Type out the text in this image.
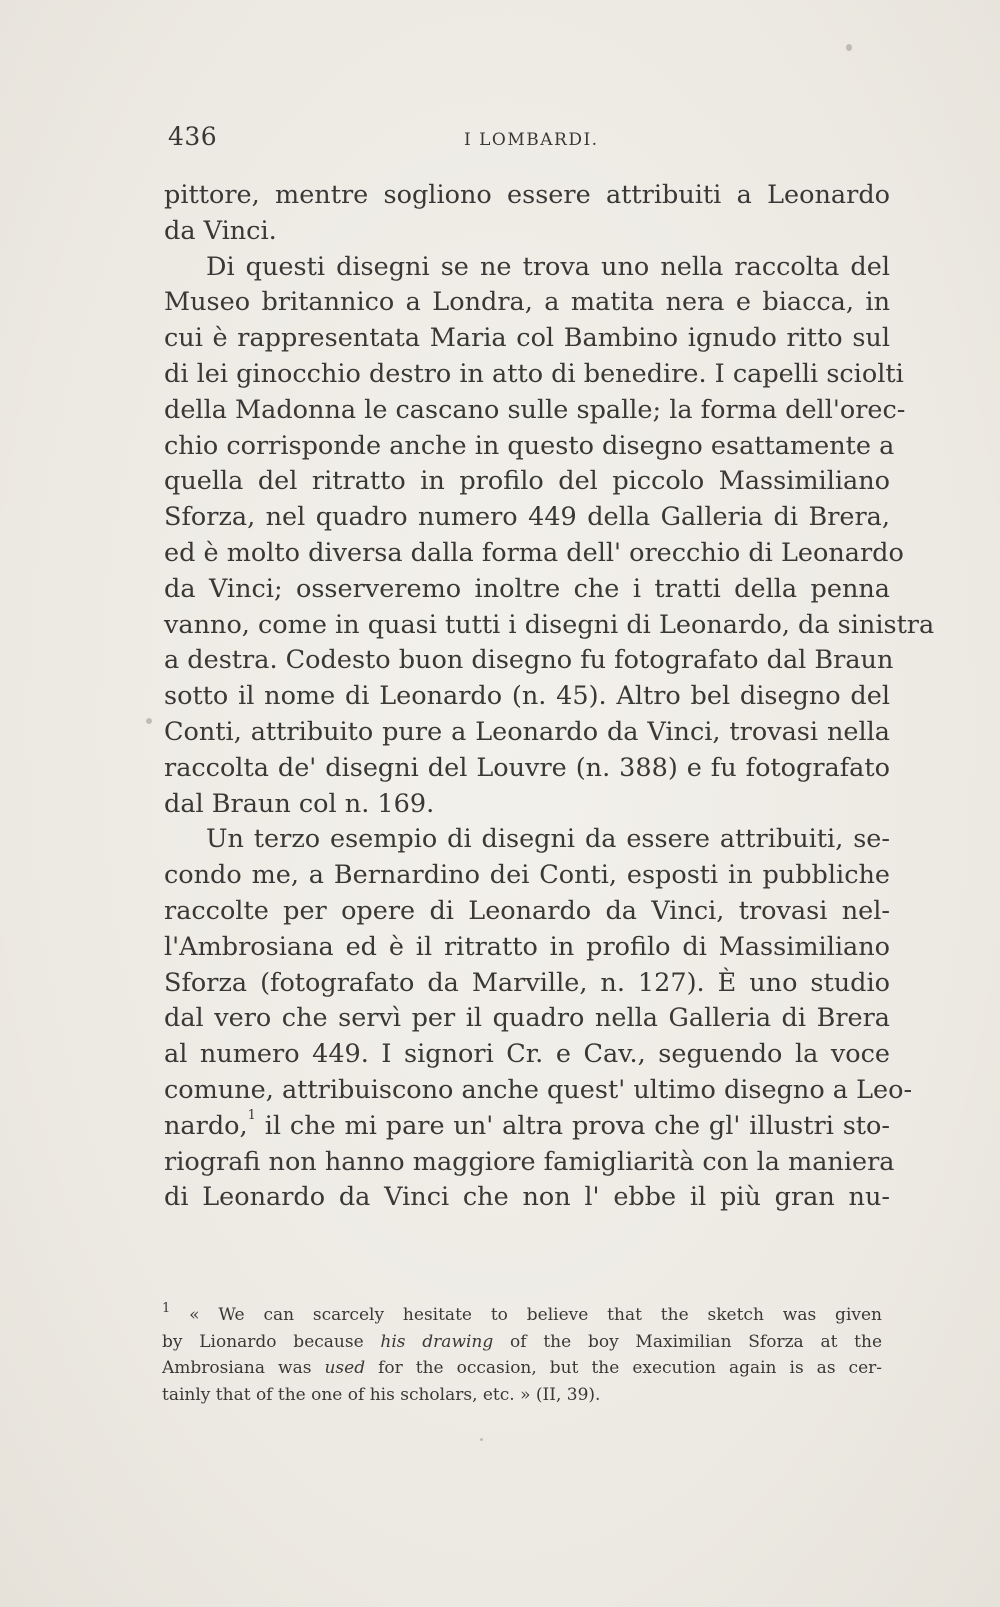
436	I LOMBARDI.
pittore, mentre sogliono essere attribuiti a Leonardo
da Vinci.
Di questi disegni se ne trova uno nella raccolta del
Museo britannico a Londra, a matita nera e biacca, in
cui è rappresentata Maria col Bambino ignudo ritto sul
di lei ginocchio destro in atto di benedire. I capelli sciolti
della Madonna le cascano sulle spalle; la forma dell'orec-
chio corrisponde anche in questo disegno esattamente a
quella del ritratto in profilo del piccolo Massimiliano
Sforza, nel quadro numero 449 della Galleria di Brera,
ed è molto diversa dalla forma dell' orecchio di Leonardo
da Vinci; osserveremo inoltre che i tratti della penna
vanno, come in quasi tutti i disegni di Leonardo, da sinistra
a destra. Codesto buon disegno fu fotografato dal Braun
sotto il nome di Leonardo (n. 45). Altro bel disegno del
Conti, attribuito pure a Leonardo da Vinci, trovasi nella
raccolta de' disegni del Louvre (n. 388) e fu fotografato
dal Braun col n. 169.
Un terzo esempio di disegni da essere attribuiti, se-
condo me, a Bernardino dei Conti, esposti in pubbliche
raccolte per opere di Leonardo da Vinci, trovasi nel-
l'Ambrosiana ed è il ritratto in profilo di Massimiliano
Sforza (fotografato da Marville, n. 127). È uno studio
dal vero che servì per il quadro nella Galleria di Brera
al numero 449. I signori Cr. e Cav., seguendo la voce
comune, attribuiscono anche quest' ultimo disegno a Leo-
nardo,$^1$ il che mi pare un' altra prova che gl' illustri sto-
riografi non hanno maggiore famigliarità con la maniera
di Leonardo da Vinci che non l' ebbe il più gran nu-
$^1$ « We can scarcely hesitate to believe that the sketch was given
by Lionardo because his drawing of the boy Maximilian Sforza at the
Ambrosiana was used for the occasion, but the execution again is as cer-
tainly that of the one of his scholars, etc. » (II, 39).
